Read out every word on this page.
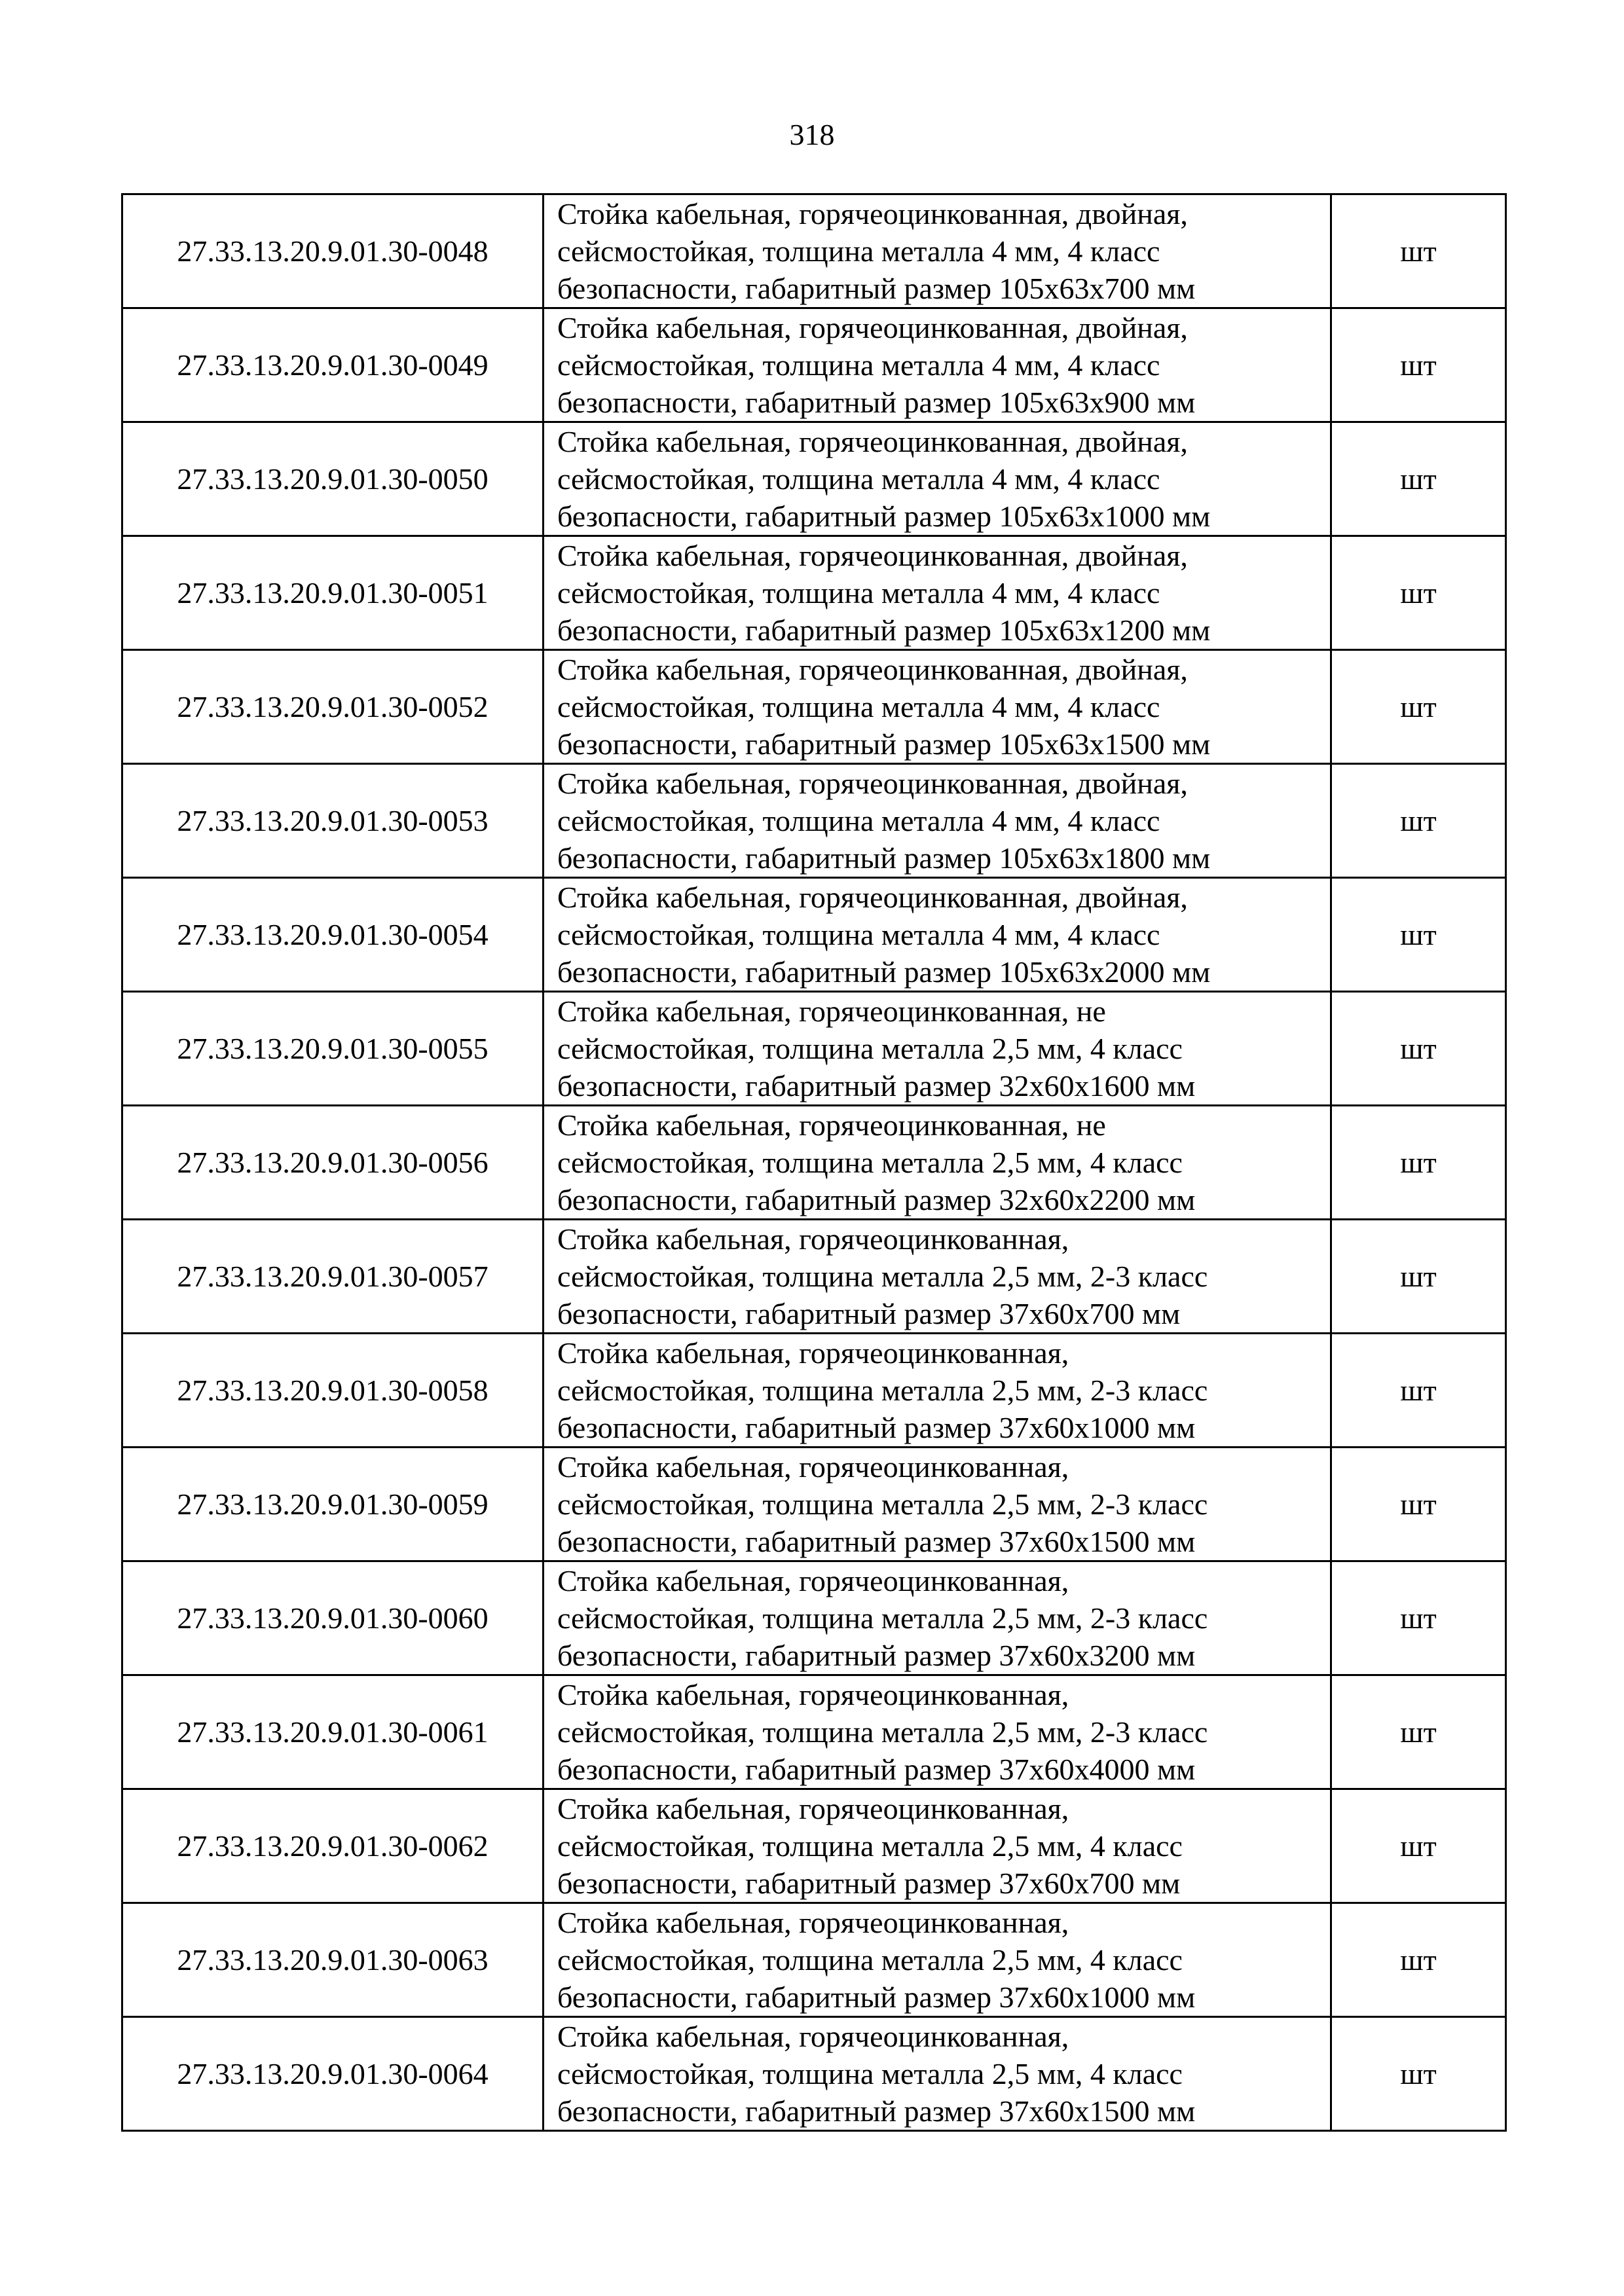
318
27.33.13.20.9.01.30-0048	Стойка кабельная, горячеоцинкованная, двойная,
сейсмостойкая, толщина металла 4 мм, 4 класс
безопасности, габаритный размер 105х63х700 мм	шт
27.33.13.20.9.01.30-0049	Стойка кабельная, горячеоцинкованная, двойная,
сейсмостойкая, толщина металла 4 мм, 4 класс
безопасности, габаритный размер 105х63х900 мм	шт
27.33.13.20.9.01.30-0050	Стойка кабельная, горячеоцинкованная, двойная,
сейсмостойкая, толщина металла 4 мм, 4 класс
безопасности, габаритный размер 105х63х1000 мм	шт
27.33.13.20.9.01.30-0051	Стойка кабельная, горячеоцинкованная, двойная,
сейсмостойкая, толщина металла 4 мм, 4 класс
безопасности, габаритный размер 105х63х1200 мм	шт
27.33.13.20.9.01.30-0052	Стойка кабельная, горячеоцинкованная, двойная,
сейсмостойкая, толщина металла 4 мм, 4 класс
безопасности, габаритный размер 105х63х1500 мм	шт
27.33.13.20.9.01.30-0053	Стойка кабельная, горячеоцинкованная, двойная,
сейсмостойкая, толщина металла 4 мм, 4 класс
безопасности, габаритный размер 105х63х1800 мм	шт
27.33.13.20.9.01.30-0054	Стойка кабельная, горячеоцинкованная, двойная,
сейсмостойкая, толщина металла 4 мм, 4 класс
безопасности, габаритный размер 105х63х2000 мм	шт
27.33.13.20.9.01.30-0055	Стойка кабельная, горячеоцинкованная, не
сейсмостойкая, толщина металла 2,5 мм, 4 класс
безопасности, габаритный размер 32х60х1600 мм	шт
27.33.13.20.9.01.30-0056	Стойка кабельная, горячеоцинкованная, не
сейсмостойкая, толщина металла 2,5 мм, 4 класс
безопасности, габаритный размер 32х60х2200 мм	шт
27.33.13.20.9.01.30-0057	Стойка кабельная, горячеоцинкованная,
сейсмостойкая, толщина металла 2,5 мм, 2-3 класс
безопасности, габаритный размер 37х60х700 мм	шт
27.33.13.20.9.01.30-0058	Стойка кабельная, горячеоцинкованная,
сейсмостойкая, толщина металла 2,5 мм, 2-3 класс
безопасности, габаритный размер 37х60х1000 мм	шт
27.33.13.20.9.01.30-0059	Стойка кабельная, горячеоцинкованная,
сейсмостойкая, толщина металла 2,5 мм, 2-3 класс
безопасности, габаритный размер 37х60х1500 мм	шт
27.33.13.20.9.01.30-0060	Стойка кабельная, горячеоцинкованная,
сейсмостойкая, толщина металла 2,5 мм, 2-3 класс
безопасности, габаритный размер 37х60х3200 мм	шт
27.33.13.20.9.01.30-0061	Стойка кабельная, горячеоцинкованная,
сейсмостойкая, толщина металла 2,5 мм, 2-3 класс
безопасности, габаритный размер 37х60х4000 мм	шт
27.33.13.20.9.01.30-0062	Стойка кабельная, горячеоцинкованная,
сейсмостойкая, толщина металла 2,5 мм, 4 класс
безопасности, габаритный размер 37х60х700 мм	шт
27.33.13.20.9.01.30-0063	Стойка кабельная, горячеоцинкованная,
сейсмостойкая, толщина металла 2,5 мм, 4 класс
безопасности, габаритный размер 37х60х1000 мм	шт
27.33.13.20.9.01.30-0064	Стойка кабельная, горячеоцинкованная,
сейсмостойкая, толщина металла 2,5 мм, 4 класс
безопасности, габаритный размер 37х60х1500 мм	шт
